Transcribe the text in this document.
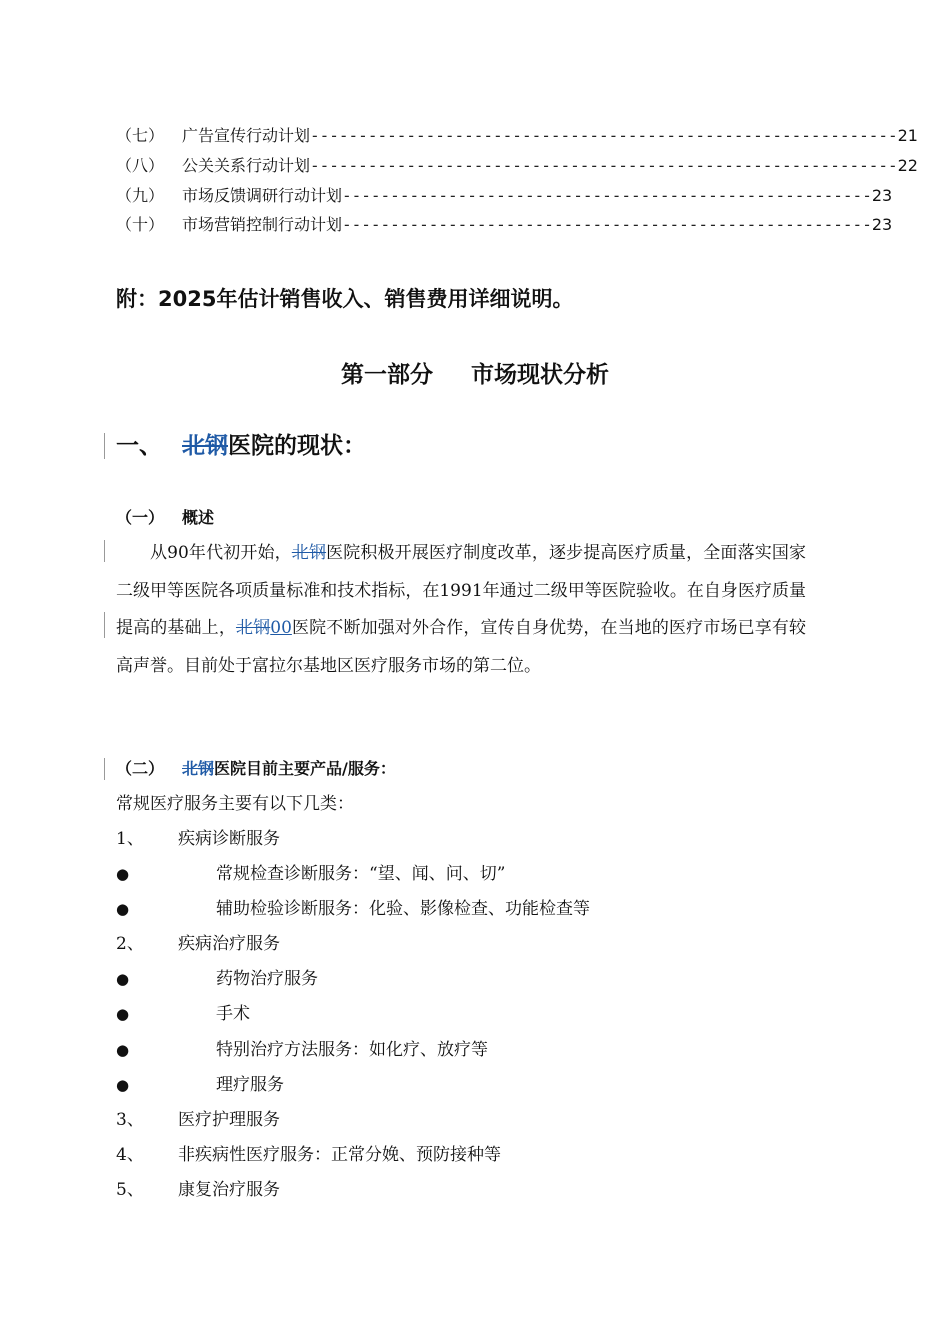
（七）	广告宣传行动计划 ------------------------------------------------------------- 21
（八）	公关关系行动计划 ------------------------------------------------------------- 22
（九）	市场反馈调研行动计划 ------------------------------------------------------- 23
（十）	市场营销控制行动计划 ------------------------------------------------------- 23
附：2025年估计销售收入、销售费用详细说明。
第一部分 市场现状分析
一、 北钢医院的现状：
（一） 概述
从90年代初开始，北钢医院积极开展医疗制度改革，逐步提高医疗质量，全面落实国家二级甲等医院各项质量标准和技术指标，在1991年通过二级甲等医院验收。在自身医疗质量提高的基础上，北钢00医院不断加强对外合作，宣传自身优势，在当地的医疗市场已享有较高声誉。目前处于富拉尔基地区医疗服务市场的第二位。
（二） 北钢医院目前主要产品/服务：
常规医疗服务主要有以下几类：
1、 疾病诊断服务
●	常规检查诊断服务：“望、闻、问、切”
●	辅助检验诊断服务：化验、影像检查、功能检查等
2、 疾病治疗服务
●	药物治疗服务
●	手术
●	特别治疗方法服务：如化疗、放疗等
●	理疗服务
3、 医疗护理服务
4、 非疾病性医疗服务：正常分娩、预防接种等
5、 康复治疗服务
